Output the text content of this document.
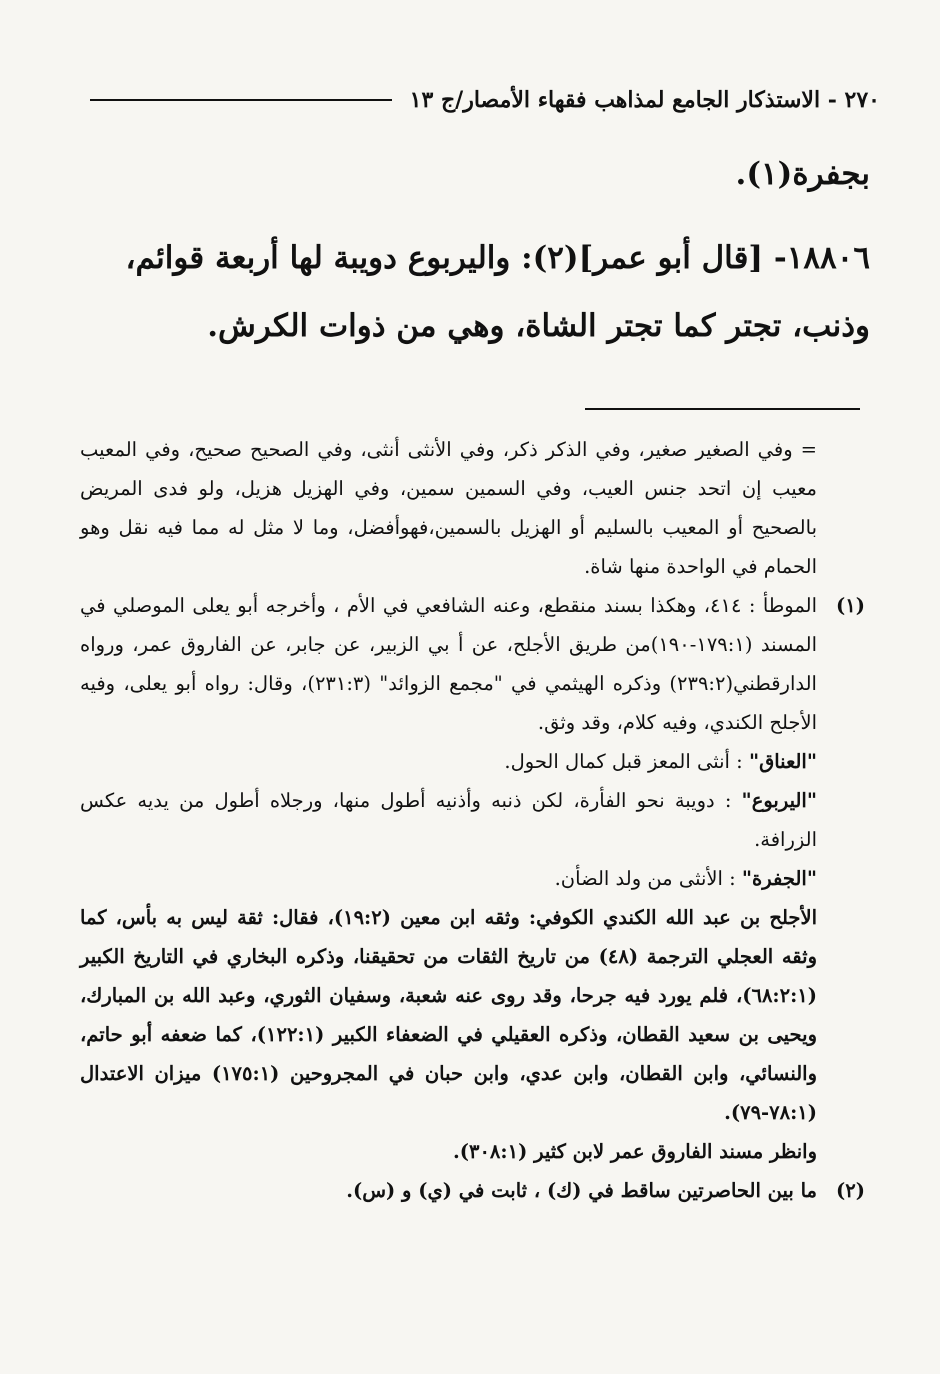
٢٧٠
-
الاستذكار الجامع لمذاهب فقهاء الأمصار/ج ١٣

بجفرة(١).

١٨٨٠٦- [قال أبو عمر](٢): واليربوع دويبة لها أربعة قوائم، وذنب، تجتر كما تجتر الشاة، وهي من ذوات الكرش.

= وفي الصغير صغير، وفي الذكر ذكر، وفي الأنثى أنثى، وفي الصحيح صحيح، وفي المعيب معيب إن اتحد جنس العيب، وفي السمين سمين، وفي الهزيل هزيل، ولو فدى المريض بالصحيح أو المعيب بالسليم أو الهزيل بالسمين،فهوأفضل، وما لا مثل له مما فيه نقل وهو الحمام في الواحدة منها شاة.

(١)
الموطأ : ٤١٤، وهكذا بسند منقطع، وعنه الشافعي في الأم ، وأخرجه أبو يعلى الموصلي في المسند (١٧٩:١-١٩٠)من طريق الأجلح، عن أ بي الزبير، عن جابر، عن الفاروق عمر، ورواه الدارقطني(٢٣٩:٢) وذكره الهيثمي في "مجمع الزوائد" (٢٣١:٣)، وقال: رواه أبو يعلى، وفيه الأجلح الكندي، وفيه كلام، وقد وثق.

"العناق" : أنثى المعز قبل كمال الحول.

"اليربوع" : دويبة نحو الفأرة، لكن ذنبه وأذنيه أطول منها، ورجلاه أطول من يديه عكس الزرافة.

"الجفرة" : الأنثى من ولد الضأن.

الأجلح بن عبد الله الكندي الكوفي: وثقه ابن معين (١٩:٢)، فقال: ثقة ليس به بأس، كما وثقه العجلي الترجمة (٤٨) من تاريخ الثقات من تحقيقنا، وذكره البخاري في التاريخ الكبير (٦٨:٢:١)، فلم يورد فيه جرحا، وقد روى عنه شعبة، وسفيان الثوري، وعبد الله بن المبارك، ويحيى بن سعيد القطان، وذكره العقيلي في الضعفاء الكبير (١٢٢:١)، كما ضعفه أبو حاتم، والنسائي، وابن القطان، وابن عدي، وابن حبان في المجروحين (١٧٥:١) ميزان الاعتدال (٧٨:١-٧٩).

وانظر مسند الفاروق عمر لابن كثير (٣٠٨:١).

(٢)
ما بين الحاصرتين ساقط في (ك) ، ثابت في (ي) و (س).
